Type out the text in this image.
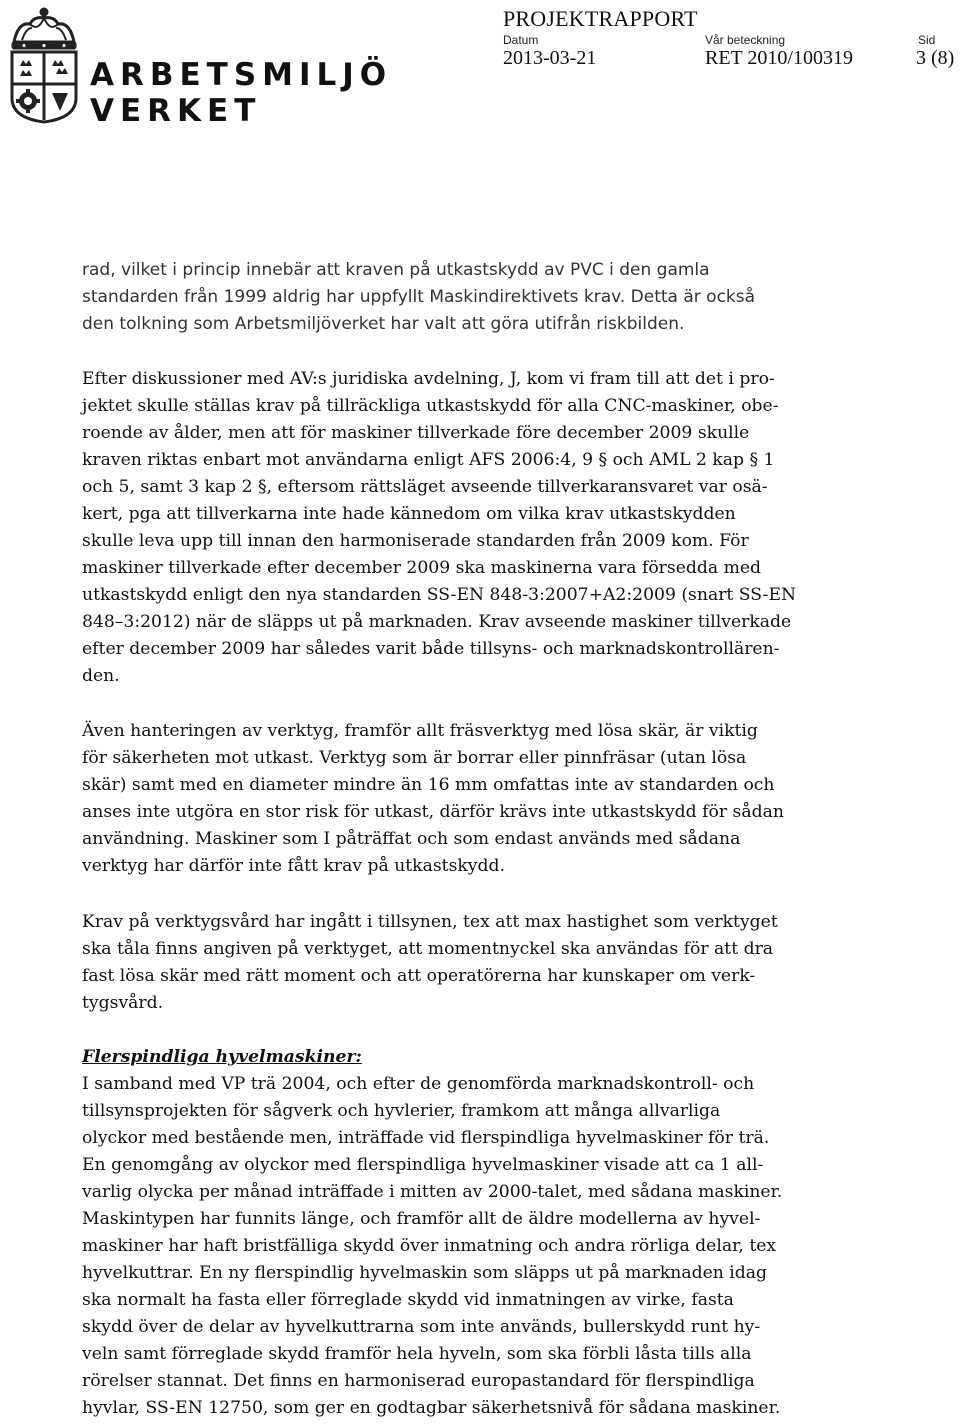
ARBETSMILJÖ
VERKET
PROJEKTRAPPORT
Datum
2013-03-21
Vår beteckning
RET 2010/100319
Sid
3 (8)
rad, vilket i princip innebär att kraven på utkastskydd av PVC i den gamla
standarden från 1999 aldrig har uppfyllt Maskindirektivets krav. Detta är också
den tolkning som Arbetsmiljöverket har valt att göra utifrån riskbilden.
Efter diskussioner med AV:s juridiska avdelning, J, kom vi fram till att det i pro-
jektet skulle ställas krav på tillräckliga utkastskydd för alla CNC-maskiner, obe-
roende av ålder, men att för maskiner tillverkade före december 2009 skulle
kraven riktas enbart mot användarna enligt AFS 2006:4, 9 § och AML 2 kap § 1
och 5, samt 3 kap 2 §, eftersom rättsläget avseende tillverkaransvaret var osä-
kert, pga att tillverkarna inte hade kännedom om vilka krav utkastskydden
skulle leva upp till innan den harmoniserade standarden från 2009 kom. För
maskiner tillverkade efter december 2009 ska maskinerna vara försedda med
utkastskydd enligt den nya standarden SS-EN 848-3:2007+A2:2009 (snart SS-EN
848–3:2012) när de släpps ut på marknaden. Krav avseende maskiner tillverkade
efter december 2009 har således varit både tillsyns- och marknadskontrollären-
den.
Även hanteringen av verktyg, framför allt fräsverktyg med lösa skär, är viktig
för säkerheten mot utkast. Verktyg som är borrar eller pinnfräsar (utan lösa
skär) samt med en diameter mindre än 16 mm omfattas inte av standarden och
anses inte utgöra en stor risk för utkast, därför krävs inte utkastskydd för sådan
användning. Maskiner som I påträffat och som endast används med sådana
verktyg har därför inte fått krav på utkastskydd.
Krav på verktygsvård har ingått i tillsynen, tex att max hastighet som verktyget
ska tåla finns angiven på verktyget, att momentnyckel ska användas för att dra
fast lösa skär med rätt moment och att operatörerna har kunskaper om verk-
tygsvård.
Flerspindliga hyvelmaskiner:
I samband med VP trä 2004, och efter de genomförda marknadskontroll- och
tillsynsprojekten för sågverk och hyvlerier, framkom att många allvarliga
olyckor med bestående men, inträffade vid flerspindliga hyvelmaskiner för trä.
En genomgång av olyckor med flerspindliga hyvelmaskiner visade att ca 1 all-
varlig olycka per månad inträffade i mitten av 2000-talet, med sådana maskiner.
Maskintypen har funnits länge, och framför allt de äldre modellerna av hyvel-
maskiner har haft bristfälliga skydd över inmatning och andra rörliga delar, tex
hyvelkuttrar. En ny flerspindlig hyvelmaskin som släpps ut på marknaden idag
ska normalt ha fasta eller förreglade skydd vid inmatningen av virke, fasta
skydd över de delar av hyvelkuttrarna som inte används, bullerskydd runt hy-
veln samt förreglade skydd framför hela hyveln, som ska förbli låsta tills alla
rörelser stannat. Det finns en harmoniserad europastandard för flerspindliga
hyvlar, SS-EN 12750, som ger en godtagbar säkerhetsnivå för sådana maskiner.
